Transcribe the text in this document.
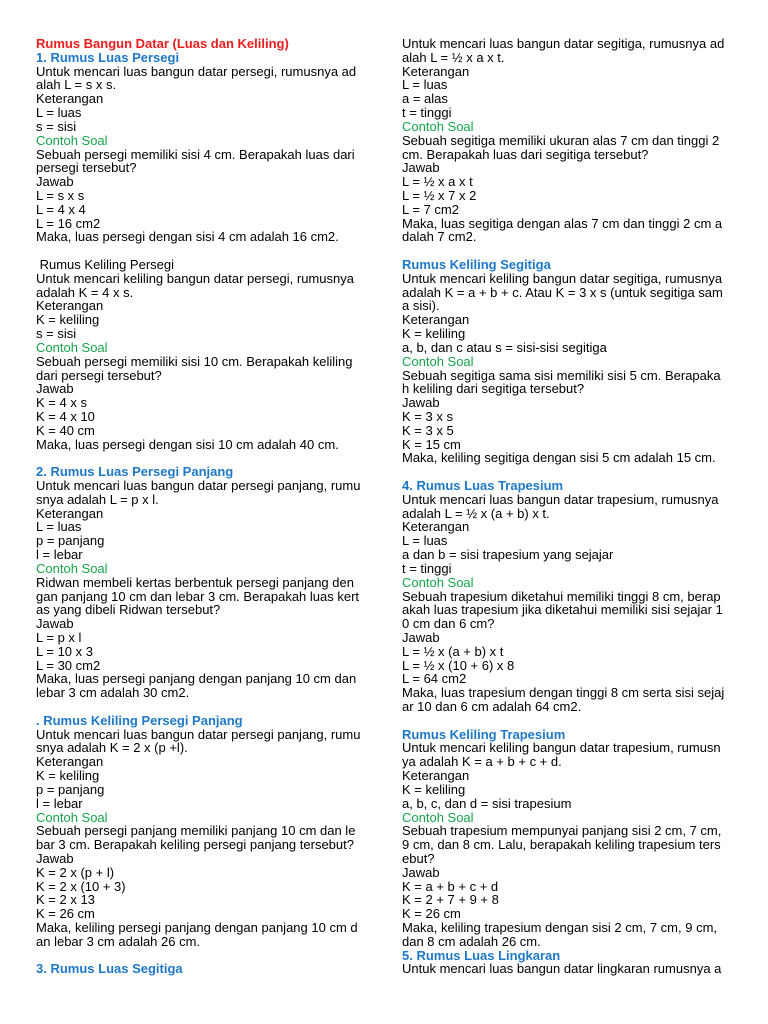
Rumus Bangun Datar (Luas dan Keliling)
1. Rumus Luas Persegi
Untuk mencari luas bangun datar persegi, rumusnya ad
alah L = s x s.
Keterangan
L = luas
s = sisi
Contoh Soal
Sebuah persegi memiliki sisi 4 cm. Berapakah luas dari
persegi tersebut?
Jawab
L = s x s
L = 4 x 4
L = 16 cm2
Maka, luas persegi dengan sisi 4 cm adalah 16 cm2.
Rumus Keliling Persegi
Untuk mencari keliling bangun datar persegi, rumusnya
adalah K = 4 x s.
Keterangan
K = keliling
s = sisi
Contoh Soal
Sebuah persegi memiliki sisi 10 cm. Berapakah keliling
dari persegi tersebut?
Jawab
K = 4 x s
K = 4 x 10
K = 40 cm
Maka, luas persegi dengan sisi 10 cm adalah 40 cm.
2. Rumus Luas Persegi Panjang
Untuk mencari luas bangun datar persegi panjang, rumu
snya adalah L = p x l.
Keterangan
L = luas
p = panjang
l = lebar
Contoh Soal
Ridwan membeli kertas berbentuk persegi panjang den
gan panjang 10 cm dan lebar 3 cm. Berapakah luas kert
as yang dibeli Ridwan tersebut?
Jawab
L = p x l
L = 10 x 3
L = 30 cm2
Maka, luas persegi panjang dengan panjang 10 cm dan
lebar 3 cm adalah 30 cm2.
. Rumus Keliling Persegi Panjang
Untuk mencari luas bangun datar persegi panjang, rumu
snya adalah K = 2 x (p +l).
Keterangan
K = keliling
p = panjang
l = lebar
Contoh Soal
Sebuah persegi panjang memiliki panjang 10 cm dan le
bar 3 cm. Berapakah keliling persegi panjang tersebut?
Jawab
K = 2 x (p + l)
K = 2 x (10 + 3)
K = 2 x 13
K = 26 cm
Maka, keliling persegi panjang dengan panjang 10 cm d
an lebar 3 cm adalah 26 cm.
3. Rumus Luas Segitiga
Untuk mencari luas bangun datar segitiga, rumusnya ad
alah L = ½ x a x t.
Keterangan
L = luas
a = alas
t = tinggi
Contoh Soal
Sebuah segitiga memiliki ukuran alas 7 cm dan tinggi 2
cm. Berapakah luas dari segitiga tersebut?
Jawab
L = ½ x a x t
L = ½ x 7 x 2
L = 7 cm2
Maka, luas segitiga dengan alas 7 cm dan tinggi 2 cm a
dalah 7 cm2.
Rumus Keliling Segitiga
Untuk mencari keliling bangun datar segitiga, rumusnya
adalah K = a + b + c. Atau K = 3 x s (untuk segitiga sam
a sisi).
Keterangan
K = keliling
a, b, dan c atau s = sisi-sisi segitiga
Contoh Soal
Sebuah segitiga sama sisi memiliki sisi 5 cm. Berapaka
h keliling dari segitiga tersebut?
Jawab
K = 3 x s
K = 3 x 5
K = 15 cm
Maka, keliling segitiga dengan sisi 5 cm adalah 15 cm.
4. Rumus Luas Trapesium
Untuk mencari luas bangun datar trapesium, rumusnya
adalah L = ½ x (a + b) x t.
Keterangan
L = luas
a dan b = sisi trapesium yang sejajar
t = tinggi
Contoh Soal
Sebuah trapesium diketahui memiliki tinggi 8 cm, berap
akah luas trapesium jika diketahui memiliki sisi sejajar 1
0 cm dan 6 cm?
Jawab
L = ½ x (a + b) x t
L = ½ x (10 + 6) x 8
L = 64 cm2
Maka, luas trapesium dengan tinggi 8 cm serta sisi sejaj
ar 10 dan 6 cm adalah 64 cm2.
Rumus Keliling Trapesium
Untuk mencari keliling bangun datar trapesium, rumusn
ya adalah K = a + b + c + d.
Keterangan
K = keliling
a, b, c, dan d = sisi trapesium
Contoh Soal
Sebuah trapesium mempunyai panjang sisi 2 cm, 7 cm,
9 cm, dan 8 cm. Lalu, berapakah keliling trapesium ters
ebut?
Jawab
K = a + b + c + d
K = 2 + 7 + 9 + 8
K = 26 cm
Maka, keliling trapesium dengan sisi 2 cm, 7 cm, 9 cm,
dan 8 cm adalah 26 cm.
5. Rumus Luas Lingkaran
Untuk mencari luas bangun datar lingkaran rumusnya a
